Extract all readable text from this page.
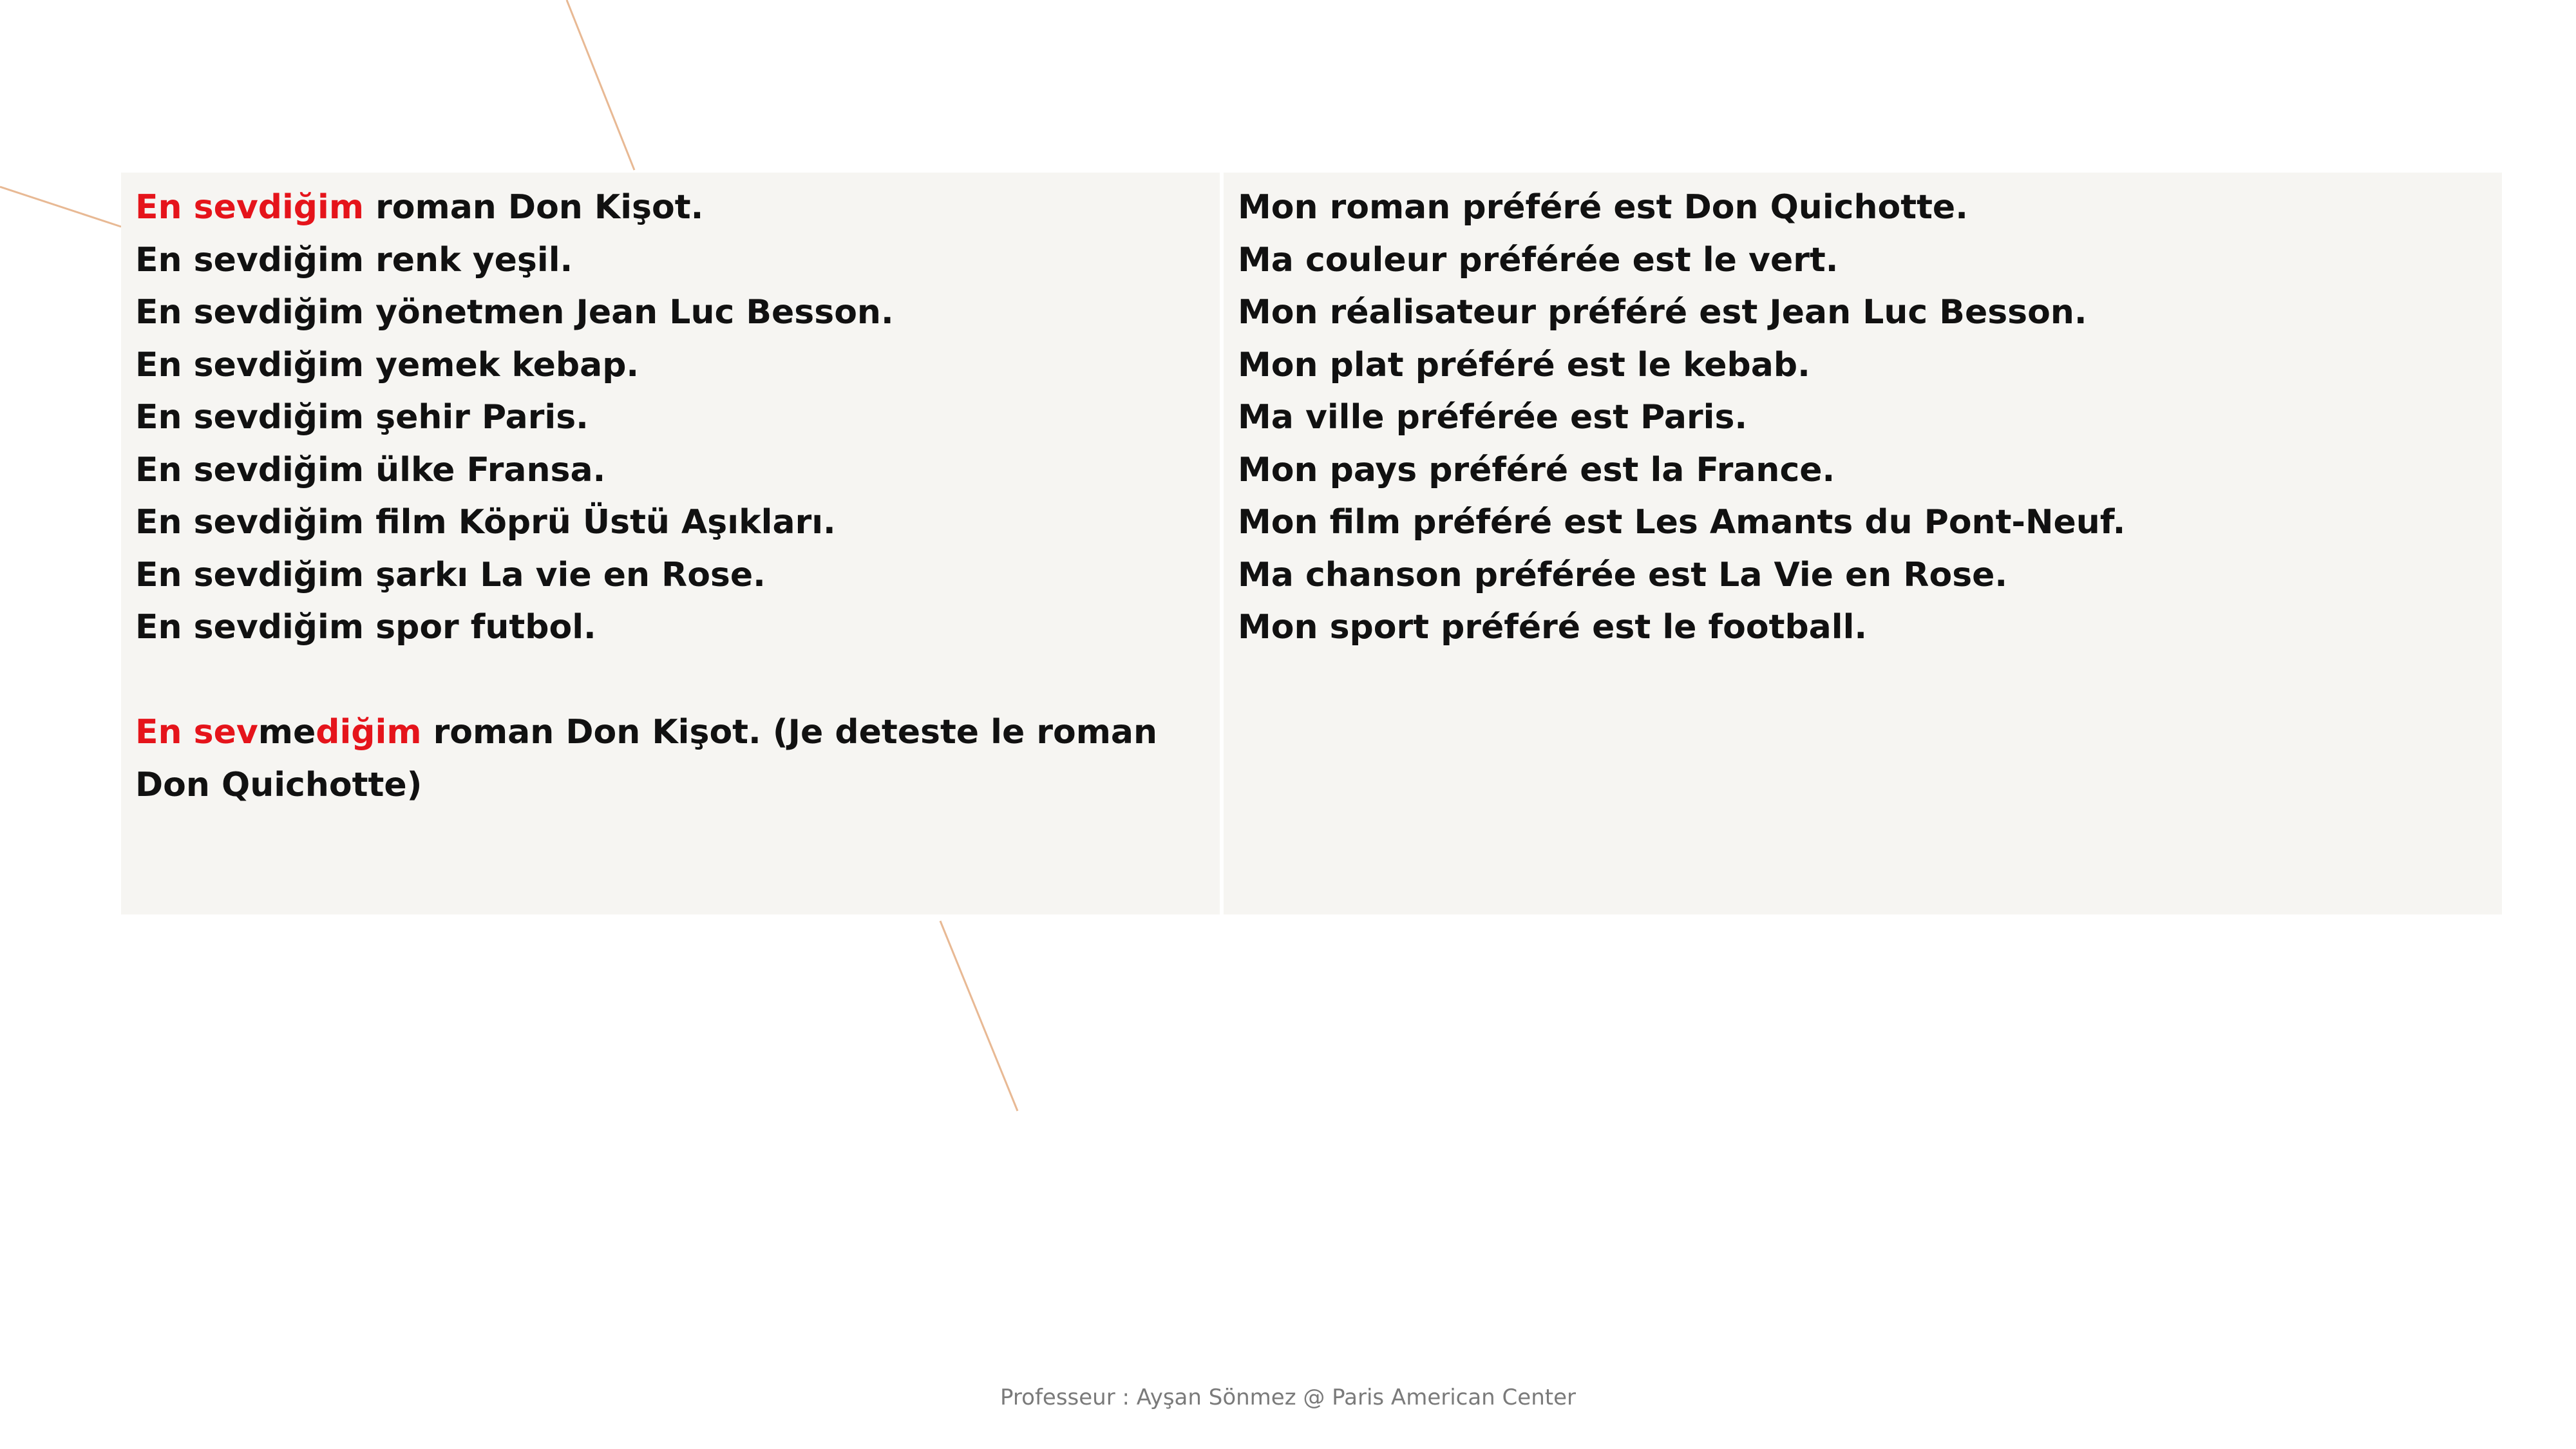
En sevdiğim roman Don Kişot.
En sevdiğim renk yeşil.
En sevdiğim yönetmen Jean Luc Besson.
En sevdiğim yemek kebap.
En sevdiğim şehir Paris.
En sevdiğim ülke Fransa.
En sevdiğim film Köprü Üstü Aşıkları.
En sevdiğim şarkı La vie en Rose.
En sevdiğim spor futbol.
En sevmediğim roman Don Kişot. (Je deteste le roman Don Quichotte)
Mon roman préféré est Don Quichotte.
Ma couleur préférée est le vert.
Mon réalisateur préféré est Jean Luc Besson.
Mon plat préféré est le kebab.
Ma ville préférée est Paris.
Mon pays préféré est la France.
Mon film préféré est Les Amants du Pont-Neuf.
Ma chanson préférée est La Vie en Rose.
Mon sport préféré est le football.
Professeur : Ayşan Sönmez @ Paris American Center
